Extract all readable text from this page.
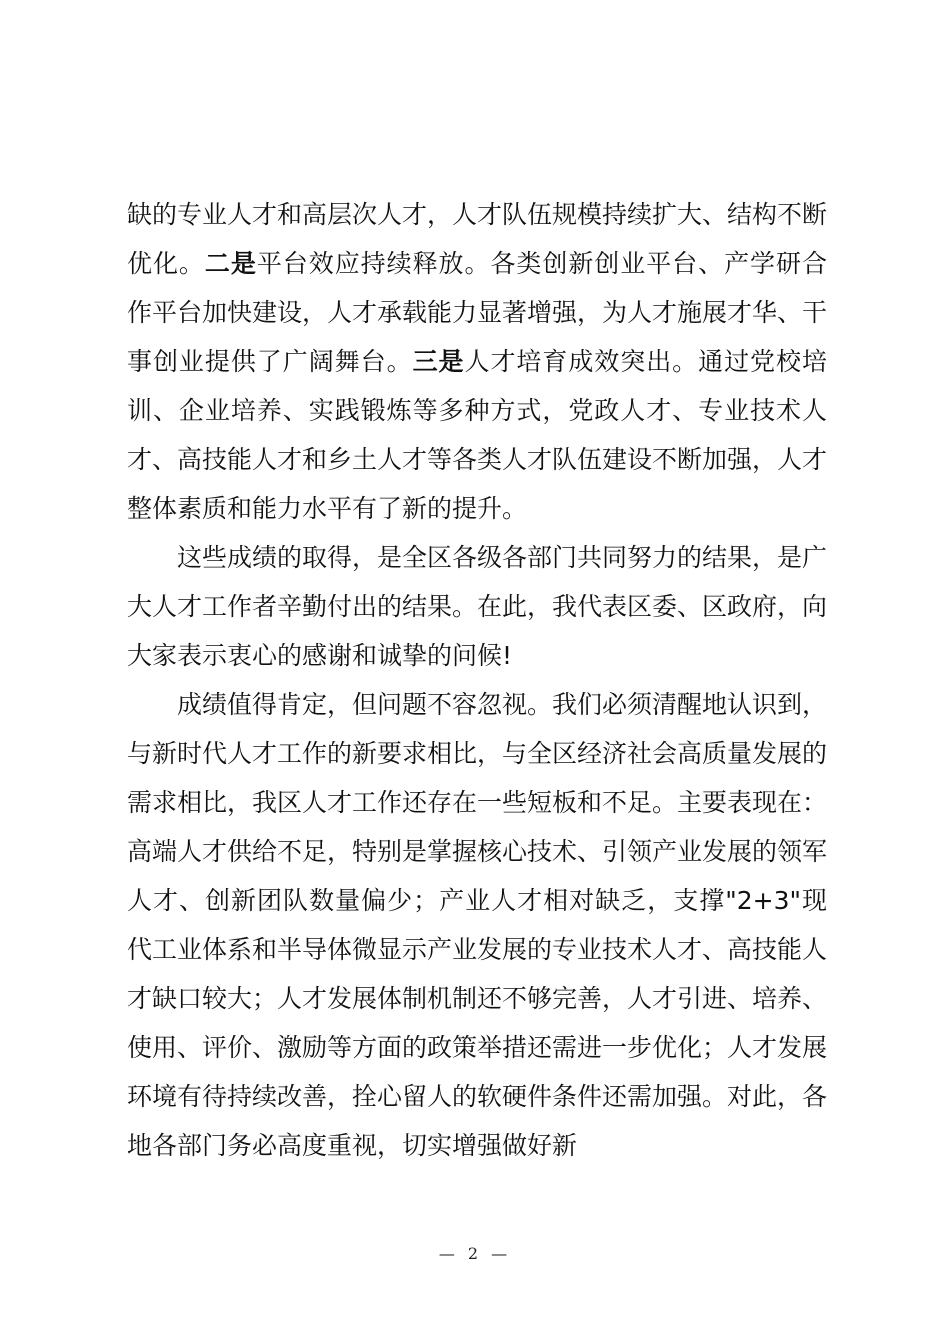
缺的专业人才和高层次人才，人才队伍规模持续扩大、结构不断优化。二是平台效应持续释放。各类创新创业平台、产学研合作平台加快建设，人才承载能力显著增强，为人才施展才华、干事创业提供了广阔舞台。三是人才培育成效突出。通过党校培训、企业培养、实践锻炼等多种方式，党政人才、专业技术人才、高技能人才和乡土人才等各类人才队伍建设不断加强，人才整体素质和能力水平有了新的提升。

这些成绩的取得，是全区各级各部门共同努力的结果，是广大人才工作者辛勤付出的结果。在此，我代表区委、区政府，向大家表示衷心的感谢和诚挚的问候!

成绩值得肯定，但问题不容忽视。我们必须清醒地认识到，与新时代人才工作的新要求相比，与全区经济社会高质量发展的需求相比，我区人才工作还存在一些短板和不足。主要表现在：高端人才供给不足，特别是掌握核心技术、引领产业发展的领军人才、创新团队数量偏少；产业人才相对缺乏，支撑"2+3"现代工业体系和半导体微显示产业发展的专业技术人才、高技能人才缺口较大；人才发展体制机制还不够完善，人才引进、培养、使用、评价、激励等方面的政策举措还需进一步优化；人才发展环境有待持续改善，拴心留人的软硬件条件还需加强。对此，各地各部门务必高度重视，切实增强做好新

— 2 —
